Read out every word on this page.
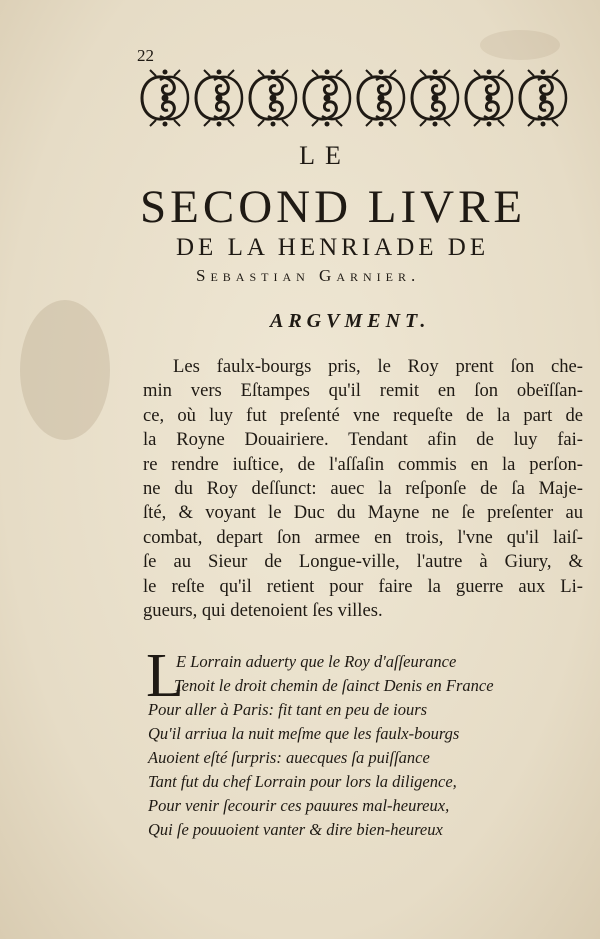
22
LE
SECOND LIVRE
DE LA HENRIADE DE
Sebastian Garnier.
ARGVMENT.
Les faulx-bourgs pris, le Roy prent ſon che-
min vers Eſtampes qu'il remit en ſon obeïſſan-
ce, où luy fut preſenté vne requeſte de la part de
la Royne Douairiere. Tendant afin de luy fai-
re rendre iuſtice, de l'aſſaſin commis en la perſon-
ne du Roy deſſunct: auec la reſponſe de ſa Maje-
ſté, & voyant le Duc du Mayne ne ſe preſenter au
combat, depart ſon armee en trois, l'vne qu'il laiſ-
ſe au Sieur de Longue-ville, l'autre à Giury, &
le reſte qu'il retient pour faire la guerre aux Li-
gueurs, qui detenoient ſes villes.
L
E Lorrain aduerty que le Roy d'aſſeurance
Tenoit le droit chemin de ſainct Denis en France
Pour aller à Paris: fit tant en peu de iours
Qu'il arriua la nuit meſme que les faulx-bourgs
Auoient eſté ſurpris: auecques ſa puiſſance
Tant fut du chef Lorrain pour lors la diligence,
Pour venir ſecourir ces pauures mal-heureux,
Qui ſe pouuoient vanter & dire bien-heureux
